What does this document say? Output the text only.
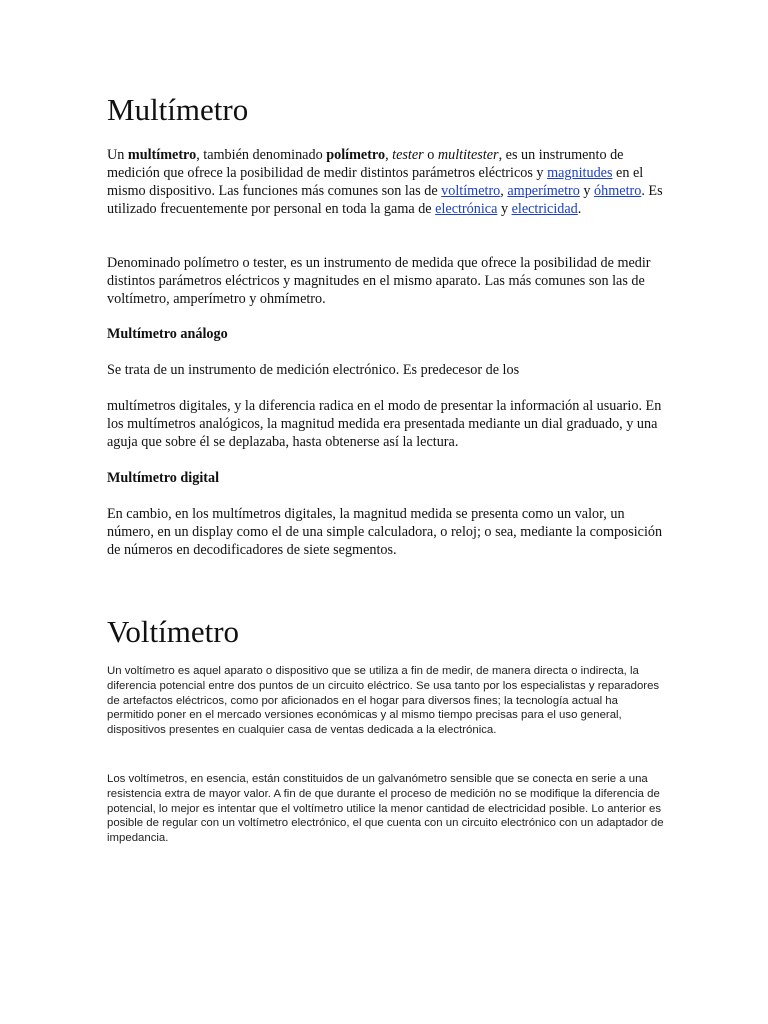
Multímetro

Un multímetro, también denominado polímetro, tester o multitester, es un instrumento de medición que ofrece la posibilidad de medir distintos parámetros eléctricos y magnitudes en el mismo dispositivo. Las funciones más comunes son las de voltímetro, amperímetro y óhmetro. Es utilizado frecuentemente por personal en toda la gama de electrónica y electricidad.

Denominado polímetro o tester, es un instrumento de medida que ofrece la posibilidad de medir distintos parámetros eléctricos y magnitudes en el mismo aparato. Las más comunes son las de voltímetro, amperímetro y ohmímetro.

Multímetro análogo

Se trata de un instrumento de medición electrónico. Es predecesor de los

multímetros digitales, y la diferencia radica en el modo de presentar la información al usuario. En los multímetros analógicos, la magnitud medida era presentada mediante un dial graduado, y una aguja que sobre él se deplazaba, hasta obtenerse así la lectura.

Multímetro digital

En cambio, en los multímetros digitales, la magnitud medida se presenta como un valor, un número, en un display como el de una simple calculadora, o reloj; o sea, mediante la composición de números en decodificadores de siete segmentos.

Voltímetro

Un voltímetro es aquel aparato o dispositivo que se utiliza a fin de medir, de manera directa o indirecta, la diferencia potencial entre dos puntos de un circuito eléctrico. Se usa tanto por los especialistas y reparadores de artefactos eléctricos, como por aficionados en el hogar para diversos fines; la tecnología actual ha permitido poner en el mercado versiones económicas y al mismo tiempo precisas para el uso general, dispositivos presentes en cualquier casa de ventas dedicada a la electrónica.

Los voltímetros, en esencia, están constituidos de un galvanómetro sensible que se conecta en serie a una resistencia extra de mayor valor. A fin de que durante el proceso de medición no se modifique la diferencia de potencial, lo mejor es intentar que el voltímetro utilice la menor cantidad de electricidad posible. Lo anterior es posible de regular con un voltímetro electrónico, el que cuenta con un circuito electrónico con un adaptador de impedancia.
